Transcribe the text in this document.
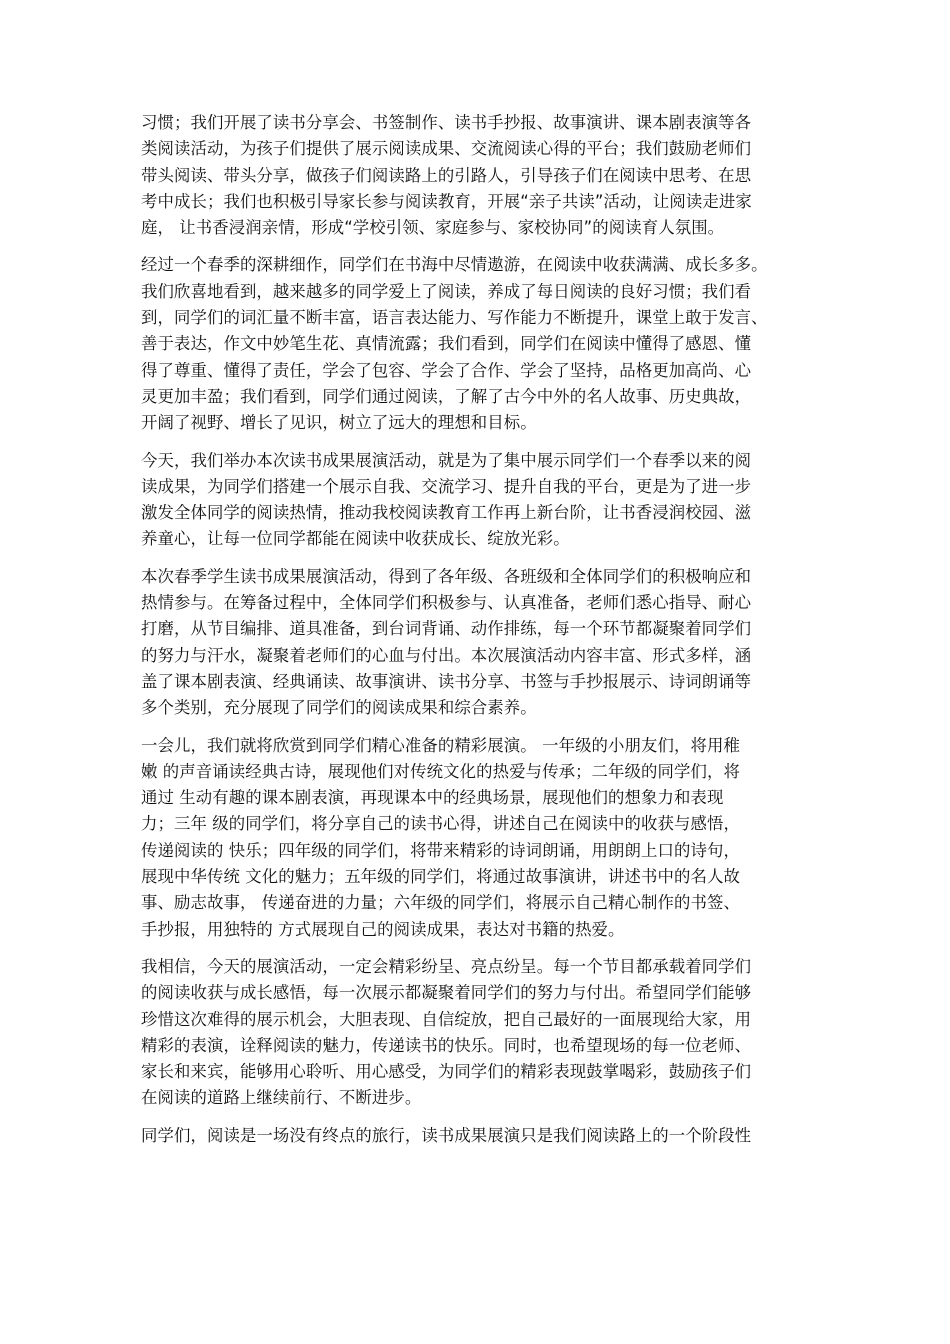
习惯；我们开展了读书分享会、书签制作、读书手抄报、故事演讲、课本剧表演等各
类阅读活动，为孩子们提供了展示阅读成果、交流阅读心得的平台；我们鼓励老师们
带头阅读、带头分享，做孩子们阅读路上的引路人，引导孩子们在阅读中思考、在思
考中成长；我们也积极引导家长参与阅读教育，开展“亲子共读”活动，让阅读走进家
庭， 让书香浸润亲情，形成“学校引领、家庭参与、家校协同”的阅读育人氛围。
经过一个春季的深耕细作，同学们在书海中尽情遨游，在阅读中收获满满、成长多多。
我们欣喜地看到，越来越多的同学爱上了阅读，养成了每日阅读的良好习惯；我们看
到，同学们的词汇量不断丰富，语言表达能力、写作能力不断提升，课堂上敢于发言、
善于表达，作文中妙笔生花、真情流露；我们看到，同学们在阅读中懂得了感恩、懂
得了尊重、懂得了责任，学会了包容、学会了合作、学会了坚持，品格更加高尚、心
灵更加丰盈；我们看到，同学们通过阅读，了解了古今中外的名人故事、历史典故，
开阔了视野、增长了见识，树立了远大的理想和目标。
今天，我们举办本次读书成果展演活动，就是为了集中展示同学们一个春季以来的阅
读成果，为同学们搭建一个展示自我、交流学习、提升自我的平台，更是为了进一步
激发全体同学的阅读热情，推动我校阅读教育工作再上新台阶，让书香浸润校园、滋
养童心，让每一位同学都能在阅读中收获成长、绽放光彩。
本次春季学生读书成果展演活动，得到了各年级、各班级和全体同学们的积极响应和
热情参与。在筹备过程中，全体同学们积极参与、认真准备，老师们悉心指导、耐心
打磨，从节目编排、道具准备，到台词背诵、动作排练，每一个环节都凝聚着同学们
的努力与汗水，凝聚着老师们的心血与付出。本次展演活动内容丰富、形式多样，涵
盖了课本剧表演、经典诵读、故事演讲、读书分享、书签与手抄报展示、诗词朗诵等
多个类别，充分展现了同学们的阅读成果和综合素养。
一会儿，我们就将欣赏到同学们精心准备的精彩展演。 一年级的小朋友们，将用稚
嫩 的声音诵读经典古诗，展现他们对传统文化的热爱与传承；二年级的同学们，将
通过 生动有趣的课本剧表演，再现课本中的经典场景，展现他们的想象力和表现
力；三年 级的同学们，将分享自己的读书心得，讲述自己在阅读中的收获与感悟，
传递阅读的 快乐；四年级的同学们，将带来精彩的诗词朗诵，用朗朗上口的诗句，
展现中华传统 文化的魅力；五年级的同学们，将通过故事演讲，讲述书中的名人故
事、励志故事， 传递奋进的力量；六年级的同学们，将展示自己精心制作的书签、
手抄报，用独特的 方式展现自己的阅读成果，表达对书籍的热爱。
我相信，今天的展演活动，一定会精彩纷呈、亮点纷呈。每一个节目都承载着同学们
的阅读收获与成长感悟，每一次展示都凝聚着同学们的努力与付出。希望同学们能够
珍惜这次难得的展示机会，大胆表现、自信绽放，把自己最好的一面展现给大家，用
精彩的表演，诠释阅读的魅力，传递读书的快乐。同时，也希望现场的每一位老师、
家长和来宾，能够用心聆听、用心感受，为同学们的精彩表现鼓掌喝彩，鼓励孩子们
在阅读的道路上继续前行、不断进步。
同学们，阅读是一场没有终点的旅行，读书成果展演只是我们阅读路上的一个阶段性
